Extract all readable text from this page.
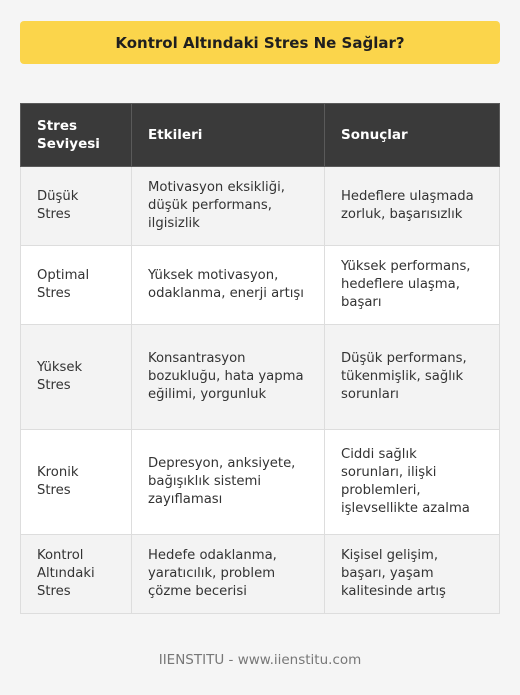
Kontrol Altındaki Stres Ne Sağlar?
Stres Seviyesi	Etkileri	Sonuçlar
Düşük Stres	Motivasyon eksikliği, düşük performans, ilgisizlik	Hedeflere ulaşmada zorluk, başarısızlık
Optimal Stres	Yüksek motivasyon, odaklanma, enerji artışı	Yüksek performans, hedeflere ulaşma, başarı
Yüksek Stres	Konsantrasyon bozukluğu, hata yapma eğilimi, yorgunluk	Düşük performans, tükenmişlik, sağlık sorunları
Kronik Stres	Depresyon, anksiyete, bağışıklık sistemi zayıflaması	Ciddi sağlık sorunları, ilişki problemleri, işlevsellikte azalma
Kontrol Altındaki Stres	Hedefe odaklanma, yaratıcılık, problem çözme becerisi	Kişisel gelişim, başarı, yaşam kalitesinde artış
IIENSTITU - www.iienstitu.com
